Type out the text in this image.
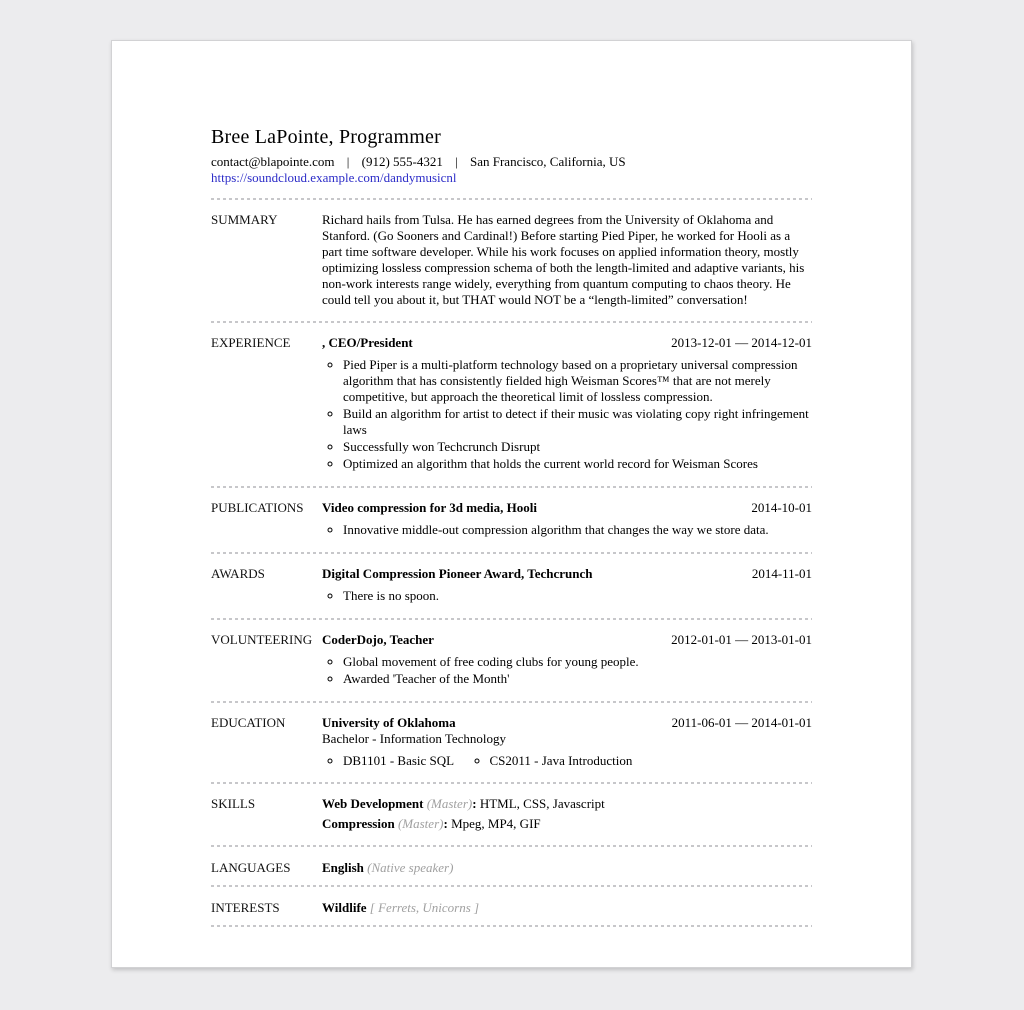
Bree LaPointe, Programmer
contact@blapointe.com | (912) 555-4321 | San Francisco, California, US
https://soundcloud.example.com/dandymusicnl
SUMMARY	Richard hails from Tulsa. He has earned degrees from the University of Oklahoma and Stanford. (Go Sooners and Cardinal!) Before starting Pied Piper, he worked for Hooli as a part time software developer. While his work focuses on applied information theory, mostly optimizing lossless compression schema of both the length-limited and adaptive variants, his non-work interests range widely, everything from quantum computing to chaos theory. He could tell you about it, but THAT would NOT be a “length-limited” conversation!

EXPERIENCE	, CEO/President	2013-12-01 — 2014-12-01
◦ Pied Piper is a multi-platform technology based on a proprietary universal compression algorithm that has consistently fielded high Weisman Scores™ that are not merely competitive, but approach the theoretical limit of lossless compression.
◦ Build an algorithm for artist to detect if their music was violating copy right infringement laws
◦ Successfully won Techcrunch Disrupt
◦ Optimized an algorithm that holds the current world record for Weisman Scores
PUBLICATIONS	Video compression for 3d media, Hooli	2014-10-01
◦ Innovative middle-out compression algorithm that changes the way we store data.
AWARDS	Digital Compression Pioneer Award, Techcrunch	2014-11-01
◦ There is no spoon.
VOLUNTEERING CoderDojo, Teacher	2012-01-01 — 2013-01-01
◦ Global movement of free coding clubs for young people.
◦ Awarded 'Teacher of the Month'
EDUCATION	University of Oklahoma	2011-06-01 — 2014-01-01
Bachelor - Information Technology
◦ DB1101 - Basic SQL	◦ CS2011 - Java Introduction
SKILLS	Web Development (Master): HTML, CSS, Javascript
Compression (Master): Mpeg, MP4, GIF
LANGUAGES	English (Native speaker)
INTERESTS	Wildlife [ Ferrets, Unicorns ]
